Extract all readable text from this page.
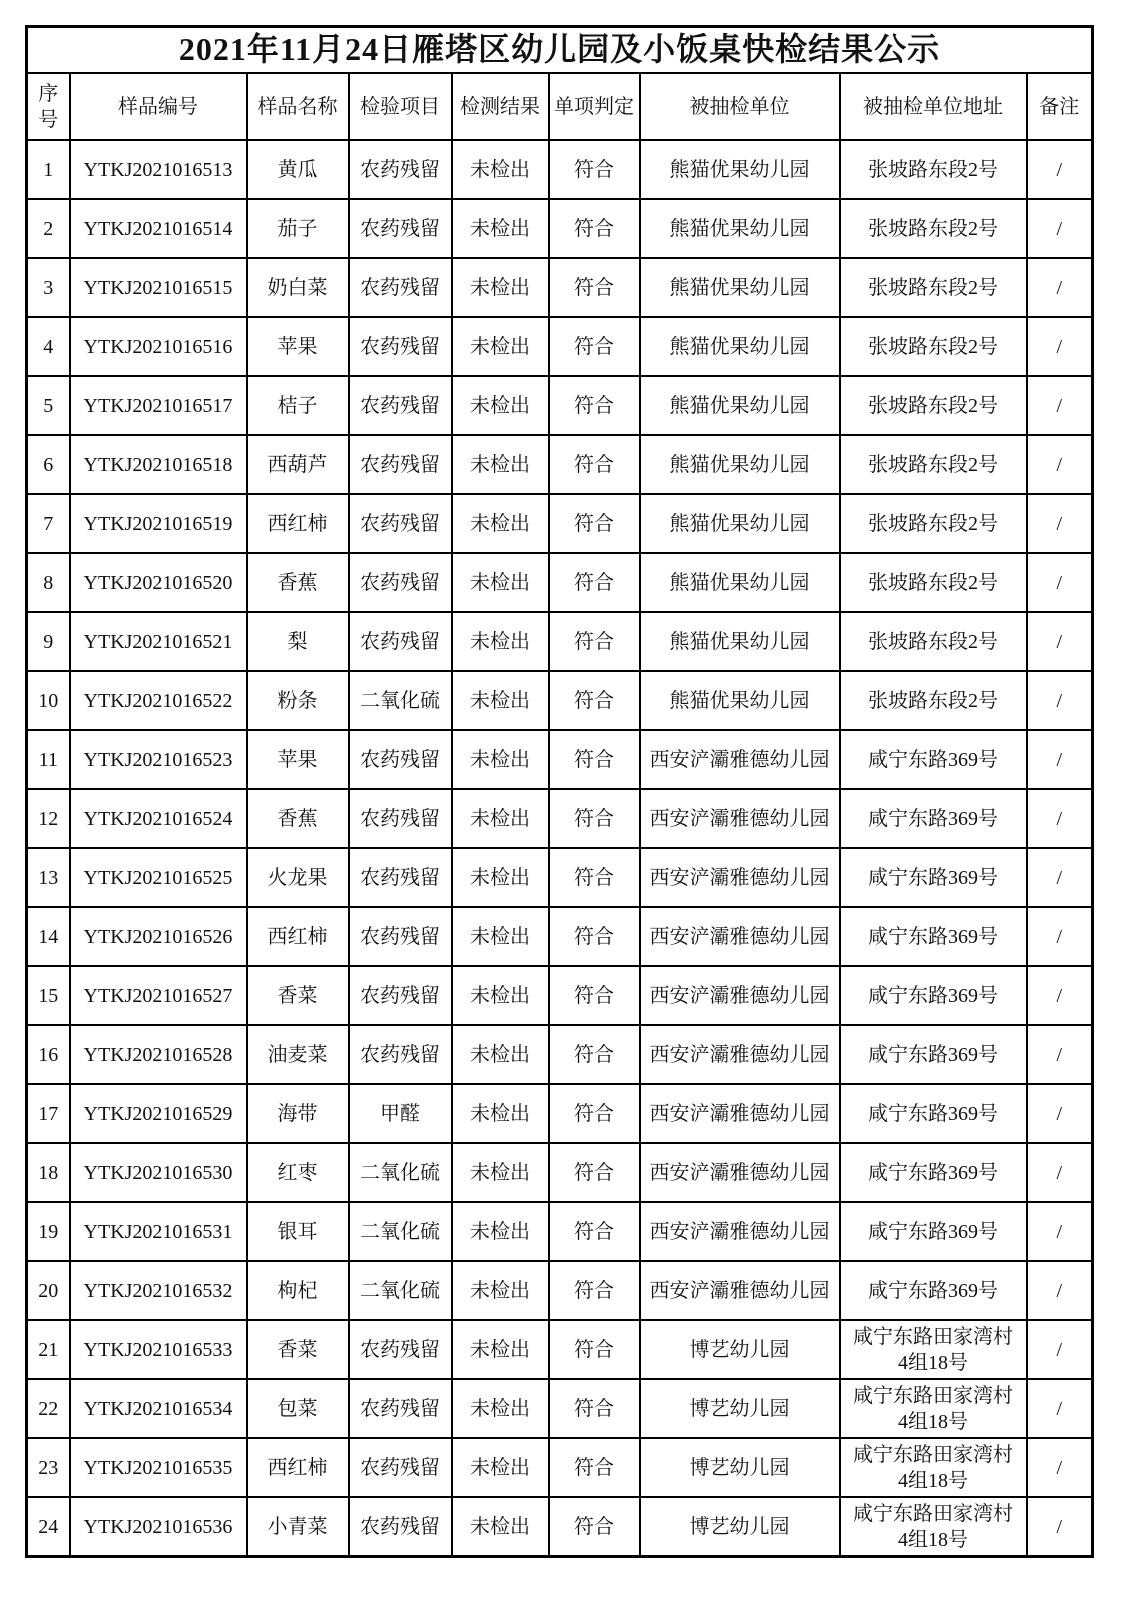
2021年11月24日雁塔区幼儿园及小饭桌快检结果公示								
序号	样品编号	样品名称	检验项目	检测结果	单项判定	被抽检单位	被抽检单位地址	备注
1	YTKJ2021016513	黄瓜	农药残留	未检出	符合	熊猫优果幼儿园	张坡路东段2号	/
2	YTKJ2021016514	茄子	农药残留	未检出	符合	熊猫优果幼儿园	张坡路东段2号	/
3	YTKJ2021016515	奶白菜	农药残留	未检出	符合	熊猫优果幼儿园	张坡路东段2号	/
4	YTKJ2021016516	苹果	农药残留	未检出	符合	熊猫优果幼儿园	张坡路东段2号	/
5	YTKJ2021016517	桔子	农药残留	未检出	符合	熊猫优果幼儿园	张坡路东段2号	/
6	YTKJ2021016518	西葫芦	农药残留	未检出	符合	熊猫优果幼儿园	张坡路东段2号	/
7	YTKJ2021016519	西红柿	农药残留	未检出	符合	熊猫优果幼儿园	张坡路东段2号	/
8	YTKJ2021016520	香蕉	农药残留	未检出	符合	熊猫优果幼儿园	张坡路东段2号	/
9	YTKJ2021016521	梨	农药残留	未检出	符合	熊猫优果幼儿园	张坡路东段2号	/
10	YTKJ2021016522	粉条	二氧化硫	未检出	符合	熊猫优果幼儿园	张坡路东段2号	/
11	YTKJ2021016523	苹果	农药残留	未检出	符合	西安浐灞雅德幼儿园	咸宁东路369号	/
12	YTKJ2021016524	香蕉	农药残留	未检出	符合	西安浐灞雅德幼儿园	咸宁东路369号	/
13	YTKJ2021016525	火龙果	农药残留	未检出	符合	西安浐灞雅德幼儿园	咸宁东路369号	/
14	YTKJ2021016526	西红柿	农药残留	未检出	符合	西安浐灞雅德幼儿园	咸宁东路369号	/
15	YTKJ2021016527	香菜	农药残留	未检出	符合	西安浐灞雅德幼儿园	咸宁东路369号	/
16	YTKJ2021016528	油麦菜	农药残留	未检出	符合	西安浐灞雅德幼儿园	咸宁东路369号	/
17	YTKJ2021016529	海带	甲醛	未检出	符合	西安浐灞雅德幼儿园	咸宁东路369号	/
18	YTKJ2021016530	红枣	二氧化硫	未检出	符合	西安浐灞雅德幼儿园	咸宁东路369号	/
19	YTKJ2021016531	银耳	二氧化硫	未检出	符合	西安浐灞雅德幼儿园	咸宁东路369号	/
20	YTKJ2021016532	枸杞	二氧化硫	未检出	符合	西安浐灞雅德幼儿园	咸宁东路369号	/
21	YTKJ2021016533	香菜	农药残留	未检出	符合	博艺幼儿园	咸宁东路田家湾村4组18号	/
22	YTKJ2021016534	包菜	农药残留	未检出	符合	博艺幼儿园	咸宁东路田家湾村4组18号	/
23	YTKJ2021016535	西红柿	农药残留	未检出	符合	博艺幼儿园	咸宁东路田家湾村4组18号	/
24	YTKJ2021016536	小青菜	农药残留	未检出	符合	博艺幼儿园	咸宁东路田家湾村4组18号	/
